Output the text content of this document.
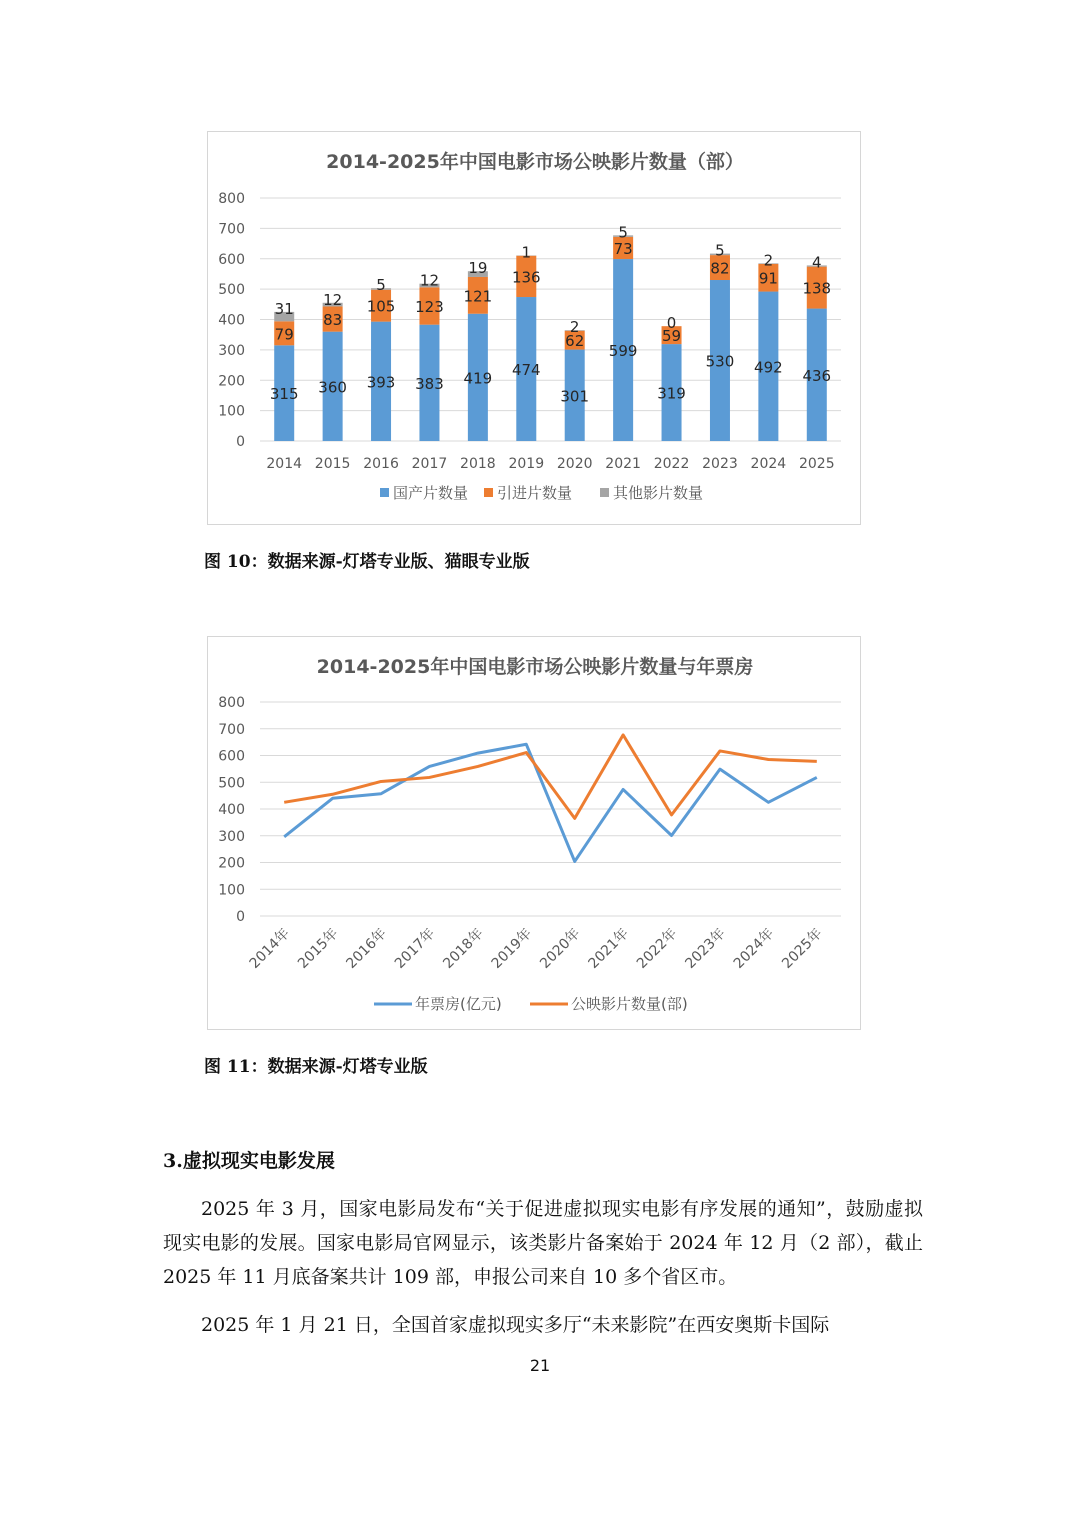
2014-2025年中国电影市场公映影片数量（部）
0
100
200
300
400
500
600
700
800
315
79
31
2014
360
83
12
2015
393
105
5
2016
383
123
12
2017
419
121
19
2018
474
136
1
2019
301
62
2
2020
599
73
5
2021
319
59
0
2022
530
82
5
2023
492
91
2
2024
436
138
4
2025
国产片数量 引进片数量	其他影片数量
图 10：数据来源-灯塔专业版、猫眼专业版
2014-2025年中国电影市场公映影片数量与年票房
0
100
200
300
400
500
600
700
800
2014年 2015年 2016年 2017年 2018年 2019年 2020年 2021年 2022年 2023年 2024年 2025年
年票房(亿元)	公映影片数量(部)
图 11：数据来源-灯塔专业版
3.虚拟现实电影发展

2025 年 3 月，国家电影局发布“关于促进虚拟现实电影有序发展的通知”，鼓励虚拟现实电影的发展。国家电影局官网显示，该类影片备案始于 2024 年 12 月（2 部），截止 2025 年 11 月底备案共计 109 部，申报公司来自 10 多个省区市。

2025 年 1 月 21 日，全国首家虚拟现实多厅“未来影院”在西安奥斯卡国际

21
